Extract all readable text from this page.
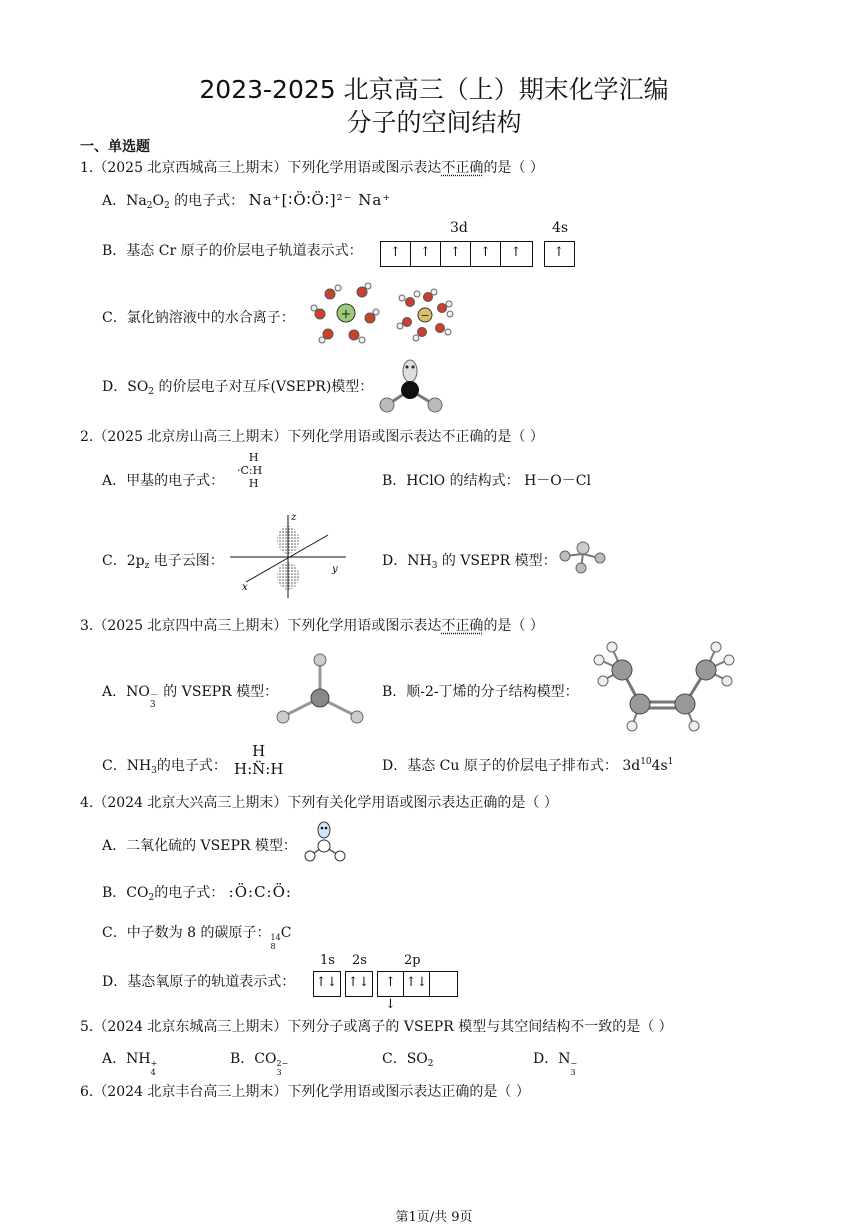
2023-2025 北京高三（上）期末化学汇编
分子的空间结构
一、单选题
1.（2025 北京西城高三上期末）下列化学用语或图示表达不正确的是（ ）
A．$Na_2O_2$ 的电子式： Na⁺[∶Ö∶Ö∶]²⁻ Na⁺
B．基态 Cr 原子的价层电子轨道表示式：
3d	4s
↑	↑	↑	↑	↑	↑
C．氯化钠溶液中的水合离子：	+	−
D．$SO_2$ 的价层电子对互斥(VSEPR)模型：
2.（2025 北京房山高三上期末）下列化学用语或图示表达不正确的是（ ）
A．甲基的电子式：
H
·C:H
H	B．HClO 的结构式： H－O－Cl
C．$2p_z$ 电子云图：
z
x
y
D．$NH_3$ 的 VSEPR 模型：
3.（2025 北京四中高三上期末）下列化学用语或图示表达不正确的是（ ）
A．NO －
3
的 VSEPR 模型：	B．顺-2-丁烯的分子结构模型：
C．$NH_3$的电子式：
H
H:N̈:H	D．基态 Cu 原子的价层电子排布式： $3d^{10}4s^1$
4.（2024 北京大兴高三上期末）下列有关化学用语或图示表达正确的是（ ）
A．二氧化硫的 VSEPR 模型：
B．$CO_2$的电子式： :Ö:C:Ö:
C．中子数为 8 的碳原子： 14
8
C
D．基态氧原子的轨道表示式：
1s 2s	2p
↑↓ ↑↓	↑ ↓
↑↓
5.（2024 北京东城高三上期末）下列分子或离子的 VSEPR 模型与其空间结构不一致的是（ ）
A．NH +
4
B．CO 2−
3
C．$SO_2$	D．N −
3
6.（2024 北京丰台高三上期末）下列化学用语或图示表达正确的是（ ）
第1页/共 9页
